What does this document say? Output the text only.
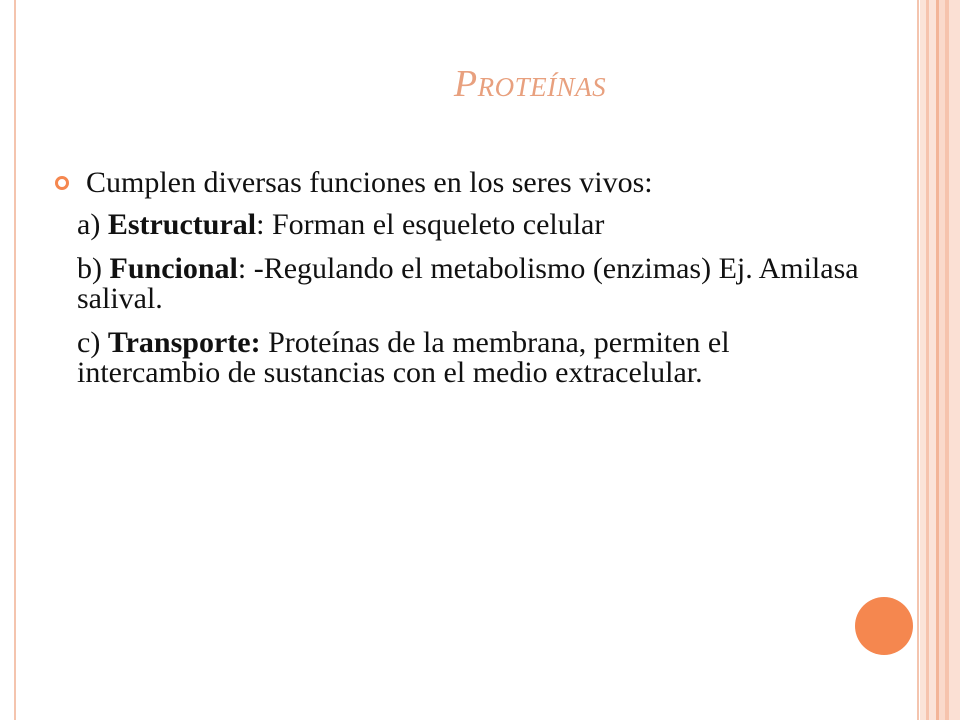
Proteínas
Cumplen diversas funciones en los seres vivos:
a) Estructural: Forman el esqueleto celular
b) Funcional: -Regulando el metabolismo (enzimas) Ej. Amilasa salival.
c) Transporte: Proteínas de la membrana, permiten el intercambio de sustancias con el medio extracelular.
